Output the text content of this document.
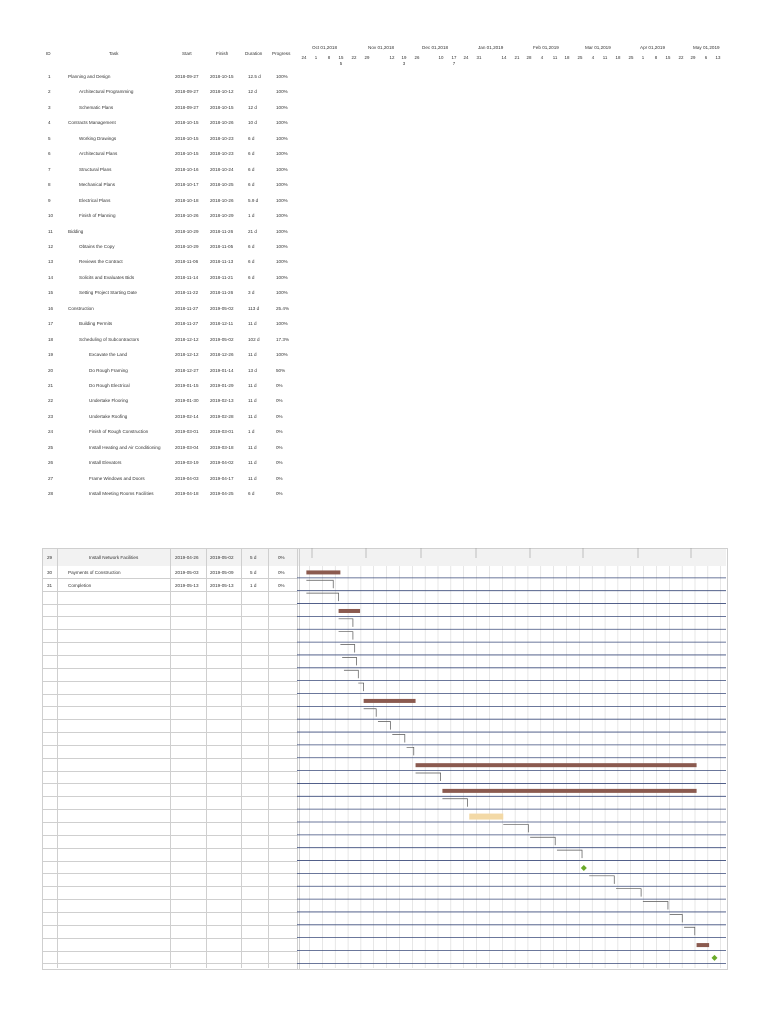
ID	Task	Start	Finish	Duration Progress
Oct 01,2018	Nov 01,2018	Dec 01,2018	Jan 01,2019	Feb 01,2019	Mar 01,2019	Apr 01,2019	May 01,2019
24	1	8	15	22	29	12	19	26	10	17	24	31	14	21	28	4	11	18	25	4	11	18	25	1	8	15	22	29	6	13
5	3	7
1	Planning and Design	2018-09-27	2018-10-15	12.5 d	100%
2	Architectural Programming	2018-09-27	2018-10-12	12 d	100%
3	Schematic Plans	2018-09-27	2018-10-15	12 d	100%
4	Contracts Management	2018-10-15	2018-10-26	10 d	100%
5	Working Drawings	2018-10-15	2018-10-23	6 d	100%
6	Architectural Plans	2018-10-15	2018-10-23	6 d	100%
7	Structural Plans	2018-10-16	2018-10-24	6 d	100%
8	Mechanical Plans	2018-10-17	2018-10-25	6 d	100%
9	Electrical Plans	2018-10-18	2018-10-26	5.9 d	100%
10	Finish of Planning	2018-10-26	2018-10-29	1 d	100%
11	Bidding	2018-10-29	2018-11-26	21 d	100%
12	Obtains the Copy	2018-10-29	2018-11-05	6 d	100%
13	Reviews the Contract	2018-11-06	2018-11-13	6 d	100%
14	Solicits and Evaluates Bids	2018-11-14	2018-11-21	6 d	100%
15	Setting Project Starting Date	2018-11-22	2018-11-26	3 d	100%
16	Construction	2018-11-27	2019-05-02	113 d	25.4%
17	Building Permits	2018-11-27	2018-12-11	11 d	100%
18	Scheduling of Subcontractors	2018-12-12	2019-05-02	102 d	17.3%
19	Excavate the Land	2018-12-12	2018-12-26	11 d	100%
20	Do Rough Framing	2018-12-27	2019-01-14	13 d	50%
21	Do Rough Electrical	2019-01-15	2019-01-29	11 d	0%
22	Undertake Flooring	2019-01-30	2019-02-13	11 d	0%
23	Undertake Roofing	2019-02-14	2019-02-28	11 d	0%
24	Finish of Rough Construction	2019-03-01	2019-03-01	1 d	0%
25	Install Heating and Air Conditioning	2019-03-04	2019-03-18	11 d	0%
26	Install Elevators	2019-03-19	2019-04-02	11 d	0%
27	Frame Windows and Doors	2019-04-03	2019-04-17	11 d	0%
28	Install Meeting Rooms Facilities	2019-04-18	2019-04-25	6 d	0%
29	Install Network Facilities	2019-04-26	2019-05-02	5 d	0%
30	Payments of Construction	2019-05-03	2019-05-09	5 d	0%
31	Completion	2019-05-13	2019-05-13	1 d	0%
